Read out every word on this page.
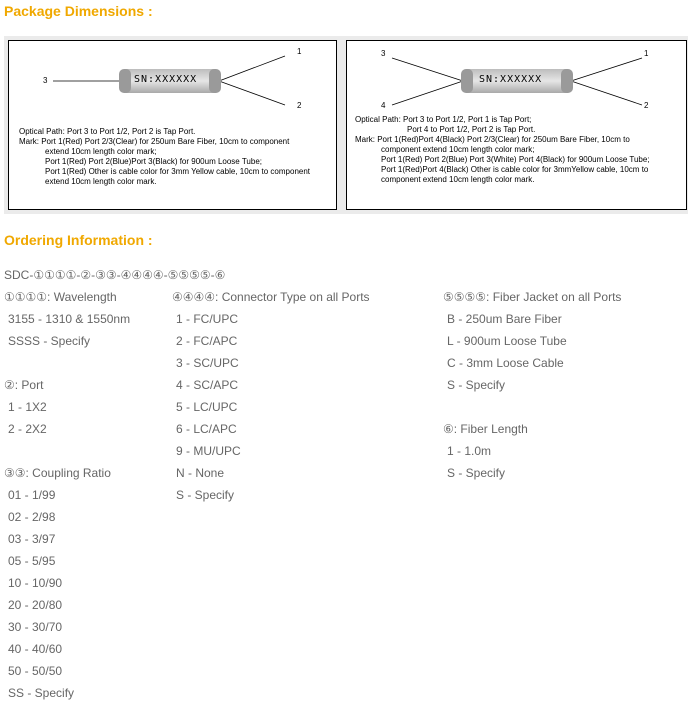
Package Dimensions :
SN:XXXXXX
3
1
2
Optical Path: Port 3 to Port 1/2, Port 2 is Tap Port.
Mark: Port 1(Red) Port 2/3(Clear) for 250um Bare Fiber, 10cm to component
extend 10cm length color mark;
Port 1(Red) Port 2(Blue)Port 3(Black) for 900um Loose Tube;
Port 1(Red) Other is cable color for 3mm Yellow cable, 10cm to component
extend 10cm length color mark.
SN:XXXXXX
3
4
1
2
Optical Path: Port 3 to Port 1/2, Port 1 is Tap Port;
Port 4 to Port 1/2, Port 2 is Tap Port.
Mark: Port 1(Red)Port 4(Black) Port 2/3(Clear) for 250um Bare Fiber, 10cm to
component extend 10cm length color mark;
Port 1(Red) Port 2(Blue) Port 3(White) Port 4(Black) for 900um Loose Tube;
Port 1(Red)Port 4(Black) Other is cable color for 3mmYellow cable, 10cm to
component extend 10cm length color mark.
Ordering Information :
SDC-①①①①-②-③③-④④④④-⑤⑤⑤⑤-⑥
①①①①: Wavelength
3155 - 1310 & 1550nm
SSSS - Specify
②: Port
1 - 1X2
2 - 2X2
③③: Coupling Ratio
01 - 1/99
02 - 2/98
03 - 3/97
05 - 5/95
10 - 10/90
20 - 20/80
30 - 30/70
40 - 40/60
50 - 50/50
SS - Specify
④④④④: Connector Type on all Ports
1 - FC/UPC
2 - FC/APC
3 - SC/UPC
4 - SC/APC
5 - LC/UPC
6 - LC/APC
9 - MU/UPC
N - None
S - Specify
⑤⑤⑤⑤: Fiber Jacket on all Ports
B - 250um Bare Fiber
L - 900um Loose Tube
C - 3mm Loose Cable
S - Specify
⑥: Fiber Length
1 - 1.0m
S - Specify
